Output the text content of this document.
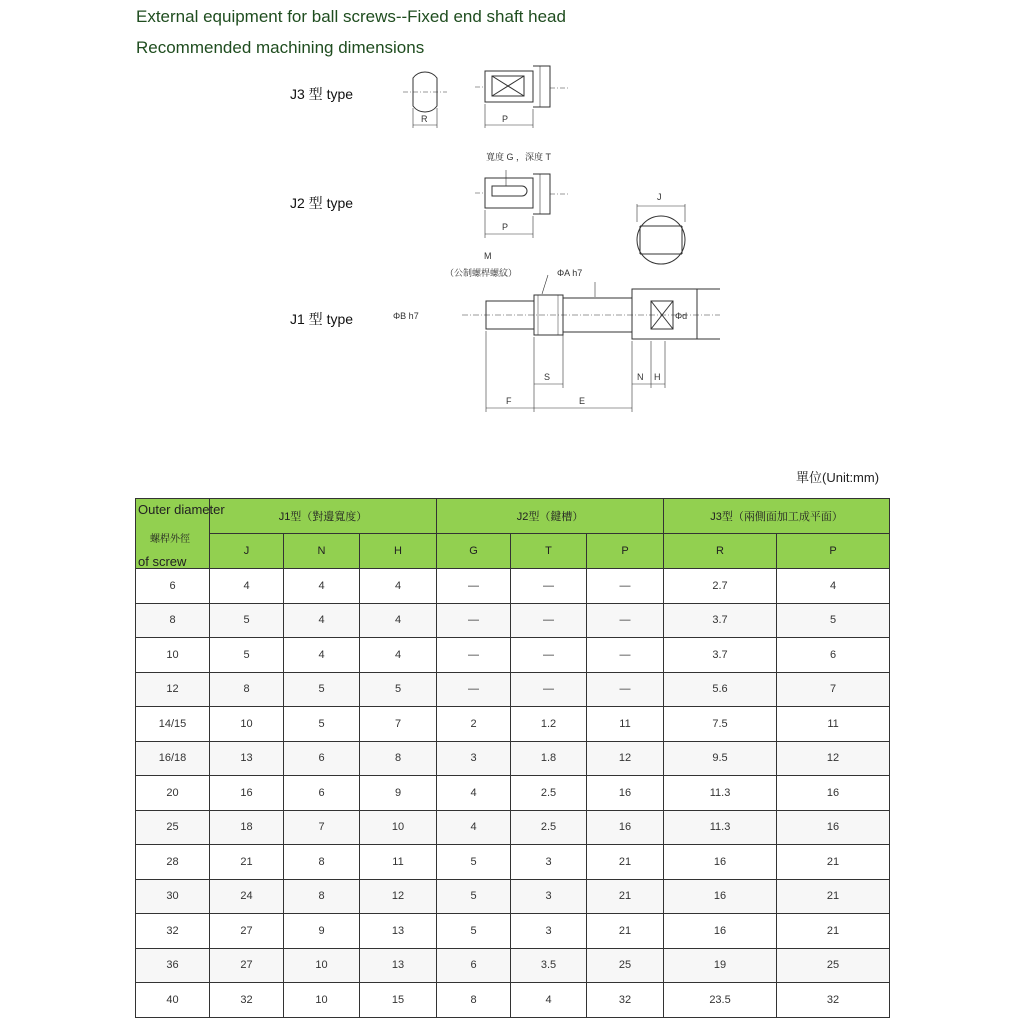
External equipment for ball screws--Fixed end shaft head
Recommended machining dimensions
J3 型 type
J2 型 type
J1 型 type
R	P
寬度 G ，深度 T
P
J
M
（公制螺桿螺紋）	ΦA h7
ΦB h7	Φd
S	N H
F	E
單位(Unit:mm)
Outer diameter
螺桿外徑
of screw	J1型（對邊寬度）			J2型（鍵槽）			J3型（兩側面加工成平面）	
	J	N	H	G	T	P	R	P
6	4	4	4	—	—	—	2.7	4
8	5	4	4	—	—	—	3.7	5
10	5	4	4	—	—	—	3.7	6
12	8	5	5	—	—	—	5.6	7
14/15	10	5	7	2	1.2	11	7.5	11
16/18	13	6	8	3	1.8	12	9.5	12
20	16	6	9	4	2.5	16	11.3	16
25	18	7	10	4	2.5	16	11.3	16
28	21	8	11	5	3	21	16	21
30	24	8	12	5	3	21	16	21
32	27	9	13	5	3	21	16	21
36	27	10	13	6	3.5	25	19	25
40	32	10	15	8	4	32	23.5	32
